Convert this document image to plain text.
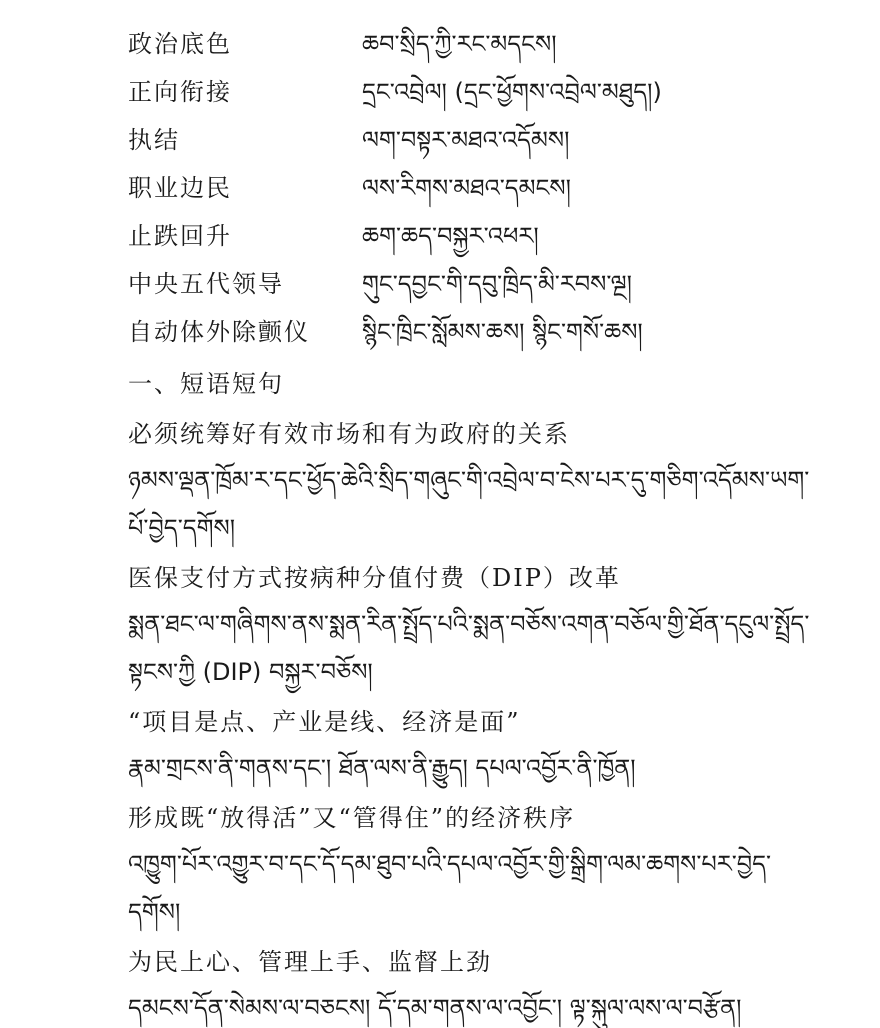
政治底色	ཆབ་སྲིད་ཀྱི་རང་མདངས།
正向衔接	དྲང་འབྲེལ། (དྲང་ཕྱོགས་འབྲེལ་མཐུད།)
执结	ལག་བསྟར་མཐའ་འདོམས།
职业边民	ལས་རིགས་མཐའ་དམངས།
止跌回升	ཆག་ཆད་བསྐྱར་འཕར།
中央五代领导	གུང་དབྱང་གི་དབུ་ཁྲིད་མི་རབས་ལྔ།
自动体外除颤仪 སྙིང་ཁྲིང་སློམས་ཆས། སྙིང་གསོ་ཆས།
一、短语短句
必须统筹好有效市场和有为政府的关系
ཉམས་ལྡན་ཁྲོམ་ར་དང་ཕྱོད་ཆེའི་སྲིད་གཞུང་གི་འབྲེལ་བ་ངེས་པར་དུ་གཅིག་འདོམས་ཡག་
པོ་བྱེད་དགོས།
医保支付方式按病种分值付费（DIP）改革
སྨན་ཐང་ལ་གཞིགས་ནས་སྨན་རིན་སྤྲོད་པའི་སྨན་བཅོས་འགན་བཅོལ་གྱི་ཐོན་དངུལ་སྤྲོད་
སྟངས་ཀྱི (DIP) བསྐྱར་བཅོས།
“项目是点、产业是线、经济是面”
རྣམ་གྲངས་ནི་གནས་དང་། ཐོན་ལས་ནི་རྒྱུད། དཔལ་འབྱོར་ནི་ཁྱོན།
形成既“放得活”又“管得住”的经济秩序
འཁྱུག་པོར་འགྱུར་བ་དང་དོ་དམ་ཐུབ་པའི་དཔལ་འབྱོར་གྱི་སྒྲིག་ལམ་ཆགས་པར་བྱེད་
དགོས།
为民上心、管理上手、监督上劲
དམངས་དོན་སེམས་ལ་བཅངས། དོ་དམ་གནས་ལ་འབྱོང་། ལྟ་སྐུལ་ལས་ལ་བརྩོན།
